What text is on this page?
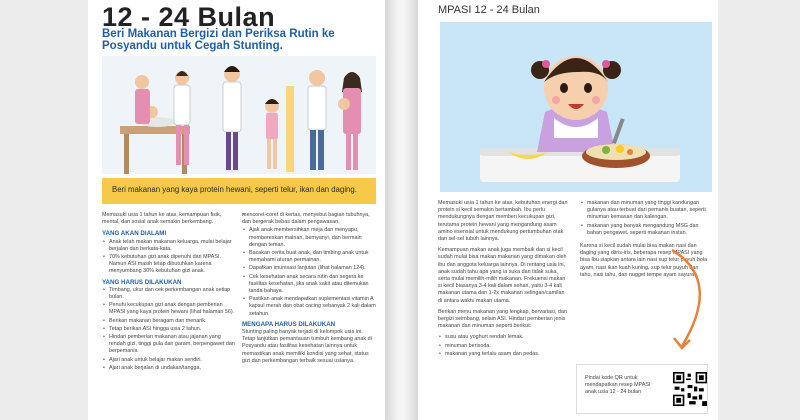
12 - 24 Bulan
Beri Makanan Bergizi dan Periksa Rutin ke Posyandu untuk Cegah Stunting.
Beri makanan yang kaya protein hewani, seperti telur, ikan dan daging.

Memasuki usia 1 tahun ke atas, kemampuan fisik, mental, dan sosial anak semakin berkembang.

YANG AKAN DIALAMI
• Anak telah makan makanan keluarga, mulai belajar berjalan dan berkata-kata.
• 70% kebutuhan gizi anak dipenuhi dari MPASI. Namun ASI masih tetap dibutuhkan karena menyumbang 30% kebutuhan gizi anak.
YANG HARUS DILAKUKAN
• Timbang, ukur dan cek perkembangan anak setiap bulan.
• Penuhi kecukupan gizi anak dengan pemberian MPASI yang kaya protein hewani (lihat halaman 56).
• Berikan makanan beragam dan menarik.
• Tetap berikan ASI hingga usia 2 tahun.
• Hindari pemberian makanan atau jajanan yang rendah gizi, tinggi gula dan garam, berpengawet dan berpemanis.
• Ajari anak untuk belajar makan sendiri.
• Ajari anak berjalan di undakan/tangga,
• mencoret-coret di kertas, menyebut bagian tubuhnya, dan bergerak bebas dalam pengawasan.
• Ajak anak membersihkan meja dan menyapu, membereskan mainan, bernyanyi, dan bermain dengan teman.
• Bacakan cerita buat anak, dan timbing anak untuk memahami aturan permainan.
• Dapatkan imunisasi lanjutan (lihat halaman 124).
• Cek kesehatan anak secara rutin dan segera ke fasilitas kesehatan, jika anak sakit atau ditemukan tanda bahaya.
• Pastikan anak mendapatkan suplementasi vitamin A kapsul merah dan obat cacing sebanyak 2 kali dalam setahun.
MENGAPA HARUS DILAKUKAN

Stunting paling banyak terjadi di kelompok usia ini. Tetap lanjutkan pemantauan tumbuh kembang anak di Posyandu atau fasilitas kesehatan lainnya untuk memastikan anak memiliki kondisi yang sehat, status gizi dan perkembangan terbaik sesuai usianya.

MPASI 12 - 24 Bulan

Memasuki usia 1 tahun ke atas, kebutuhan energi dan protein si kecil semakin bertambah. Ibu perlu mendukungnya dengan memberi kecukupan gizi, terutama protein hewani yang mengandung asam amino esensial untuk mendukung pertumbuhan otak dan sel-sel tubuh lainnya.

Kemampuan makan anak juga membaik dan si kecil sudah mulai bisa makan makanan yang dimakan oleh ibu dan anggota keluarga lainnya. Di rentang usia ini, anak sudah tahu apa yang ia suka dan tidak suka, serta mulai memilih-milih makanan. Frekuensi makan si kecil biasanya 3-4 kali dalam sehari, yaitu 3-4 kali makanan utama dan 1-2x makanan selingan/camilan di antara waktu makan utama.

Berikan menu makanan yang lengkap, bervariasi, dan bergizi seimbang, selain ASI. Hindari pemberian jenis makanan dan minuman seperti berikut:

• susu atau yoghurt rendah lemak.
• minuman berisoda.
• makanan yang terlalu asam dan pedas.
• makanan dan minuman yang tinggi kandungan gulanya atau terbuat dari pemanis buatan, seperti minuman kemasan dan kalengan.
• makanan yang banyak mengandung MSG dan bahan pengawet, seperti makanan instan.

Karena si kecil sudah mulai bisa makan nasi dan daging yang diiris-iris, beberapa resep MPASI yang bisa Ibu siapkan antara lain nasi sup telur puyuh bola ayam, nasi ikan kuah kuning, sup telur puyuh dan tahu, nasi tahu, dan nugget tempe ayam sayuran.

Pindai kode QR untuk mendapatkan resep MPASI anak usia 12 - 24 bulan
